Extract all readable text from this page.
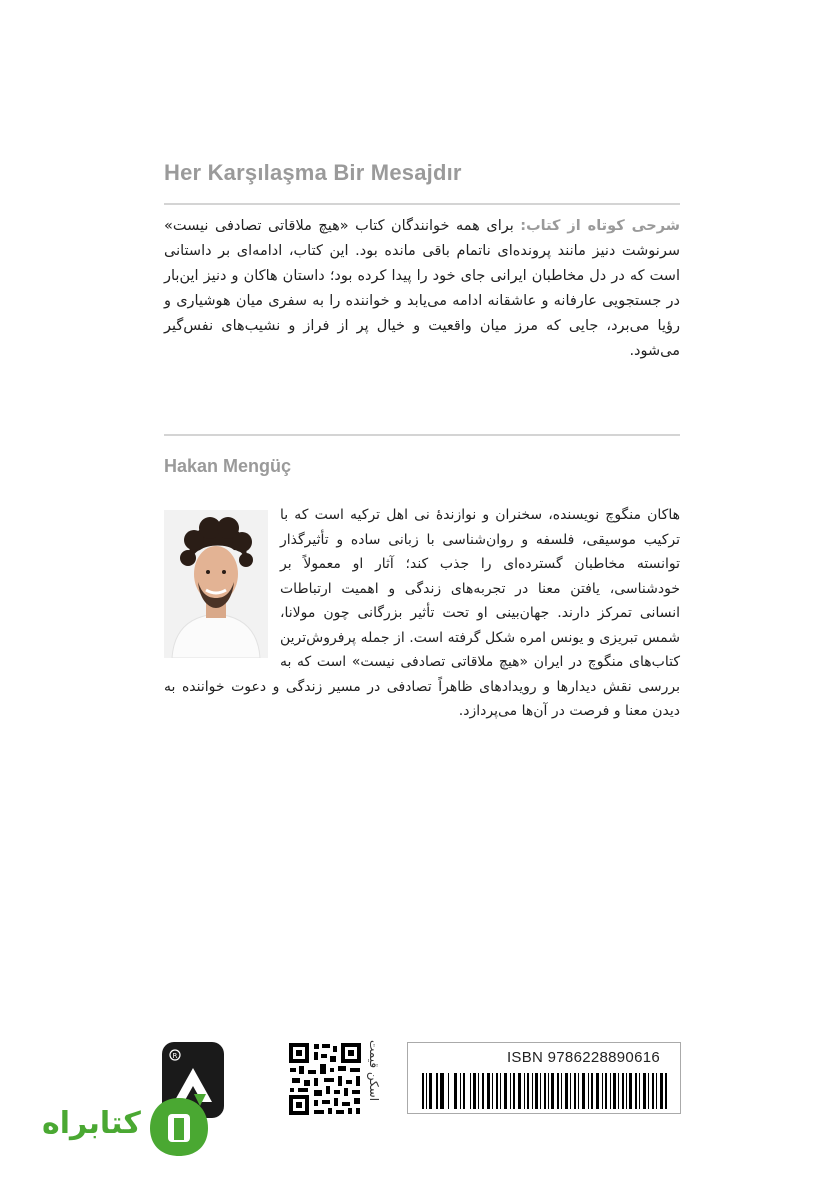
Her Karşılaşma Bir Mesajdır
شرحی کوتاه از کتاب: برای همه خوانندگان کتاب «هیچ ملاقاتی تصادفی نیست» سرنوشت دنیز مانند پرونده‌ای ناتمام باقی مانده بود. این کتاب، ادامه‌ای بر داستانی است که در دل مخاطبان ایرانی جای خود را پیدا کرده بود؛ داستان هاکان و دنیز این‌بار در جستجویی عارفانه و عاشقانه ادامه می‌یابد و خواننده را به سفری میان هوشیاری و رؤیا می‌برد، جایی که مرز میان واقعیت و خیال پر از فراز و نشیب‌های نفس‌گیر می‌شود.
Hakan Mengüç
هاکان منگوچ نویسنده، سخنران و نوازندهٔ نی اهل ترکیه است که با ترکیب موسیقی، فلسفه و روان‌شناسی با زبانی ساده و تأثیرگذار توانسته مخاطبان گسترده‌ای را جذب کند؛ آثار او معمولاً بر خودشناسی، یافتن معنا در تجربه‌های زندگی و اهمیت ارتباطات انسانی تمرکز دارند. جهان‌بینی او تحت تأثیر بزرگانی چون مولانا، شمس تبریزی و یونس امره شکل گرفته است. از جمله پرفروش‌ترین کتاب‌های منگوچ در ایران «هیچ ملاقاتی تصادفی نیست» است که به بررسی نقش دیدارها و رویدادهای ظاهراً تصادفی در مسیر زندگی و دعوت خواننده به دیدن معنا و فرصت در آن‌ها می‌پردازد.
R	اسکن قیمت	ISBN 9786228890616
کتابراه
